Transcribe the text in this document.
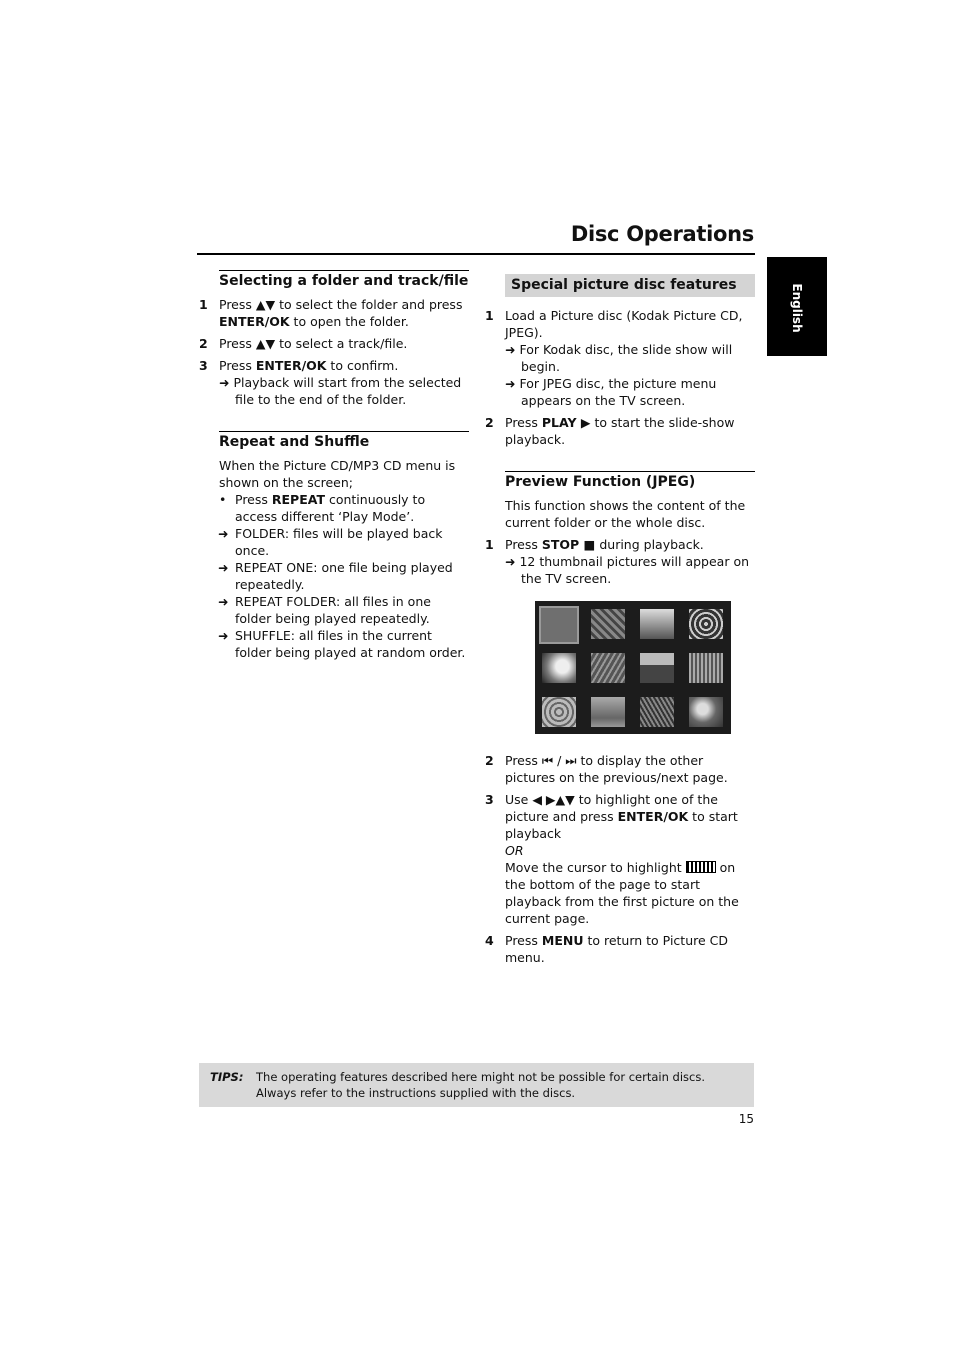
Disc Operations
English
Selecting a folder and track/file
1 Press ▲▼ to select the folder and press ENTER/OK to open the folder.
2 Press ▲▼ to select a track/file.
3 Press ENTER/OK to confirm.
➜ Playback will start from the selected file to the end of the folder.
Repeat and Shuffle
When the Picture CD/MP3 CD menu is shown on the screen;
• Press REPEAT continuously to access different ‘Play Mode’.
➜ FOLDER: files will be played back once.
➜ REPEAT ONE: one file being played repeatedly.
➜ REPEAT FOLDER: all files in one folder being played repeatedly.
➜ SHUFFLE: all files in the current folder being played at random order.
Special picture disc features
1 Load a Picture disc (Kodak Picture CD, JPEG).
➜ For Kodak disc, the slide show will begin.
➜ For JPEG disc, the picture menu appears on the TV screen.
2 Press PLAY ▶ to start the slide-show playback.
Preview Function (JPEG)
This function shows the content of the current folder or the whole disc.
1 Press STOP ■ during playback.
➜ 12 thumbnail pictures will appear on the TV screen.
2 Press ⏮ / ⏭ to display the other pictures on the previous/next page.
3 Use ◀ ▶▲▼ to highlight one of the picture and press ENTER/OK to start playback
OR
Move the cursor to highlight  on the bottom of the page to start playback from the first picture on the current page.
4 Press MENU to return to Picture CD menu.
TIPS: The operating features described here might not be possible for certain discs. Always refer to the instructions supplied with the discs.
15
